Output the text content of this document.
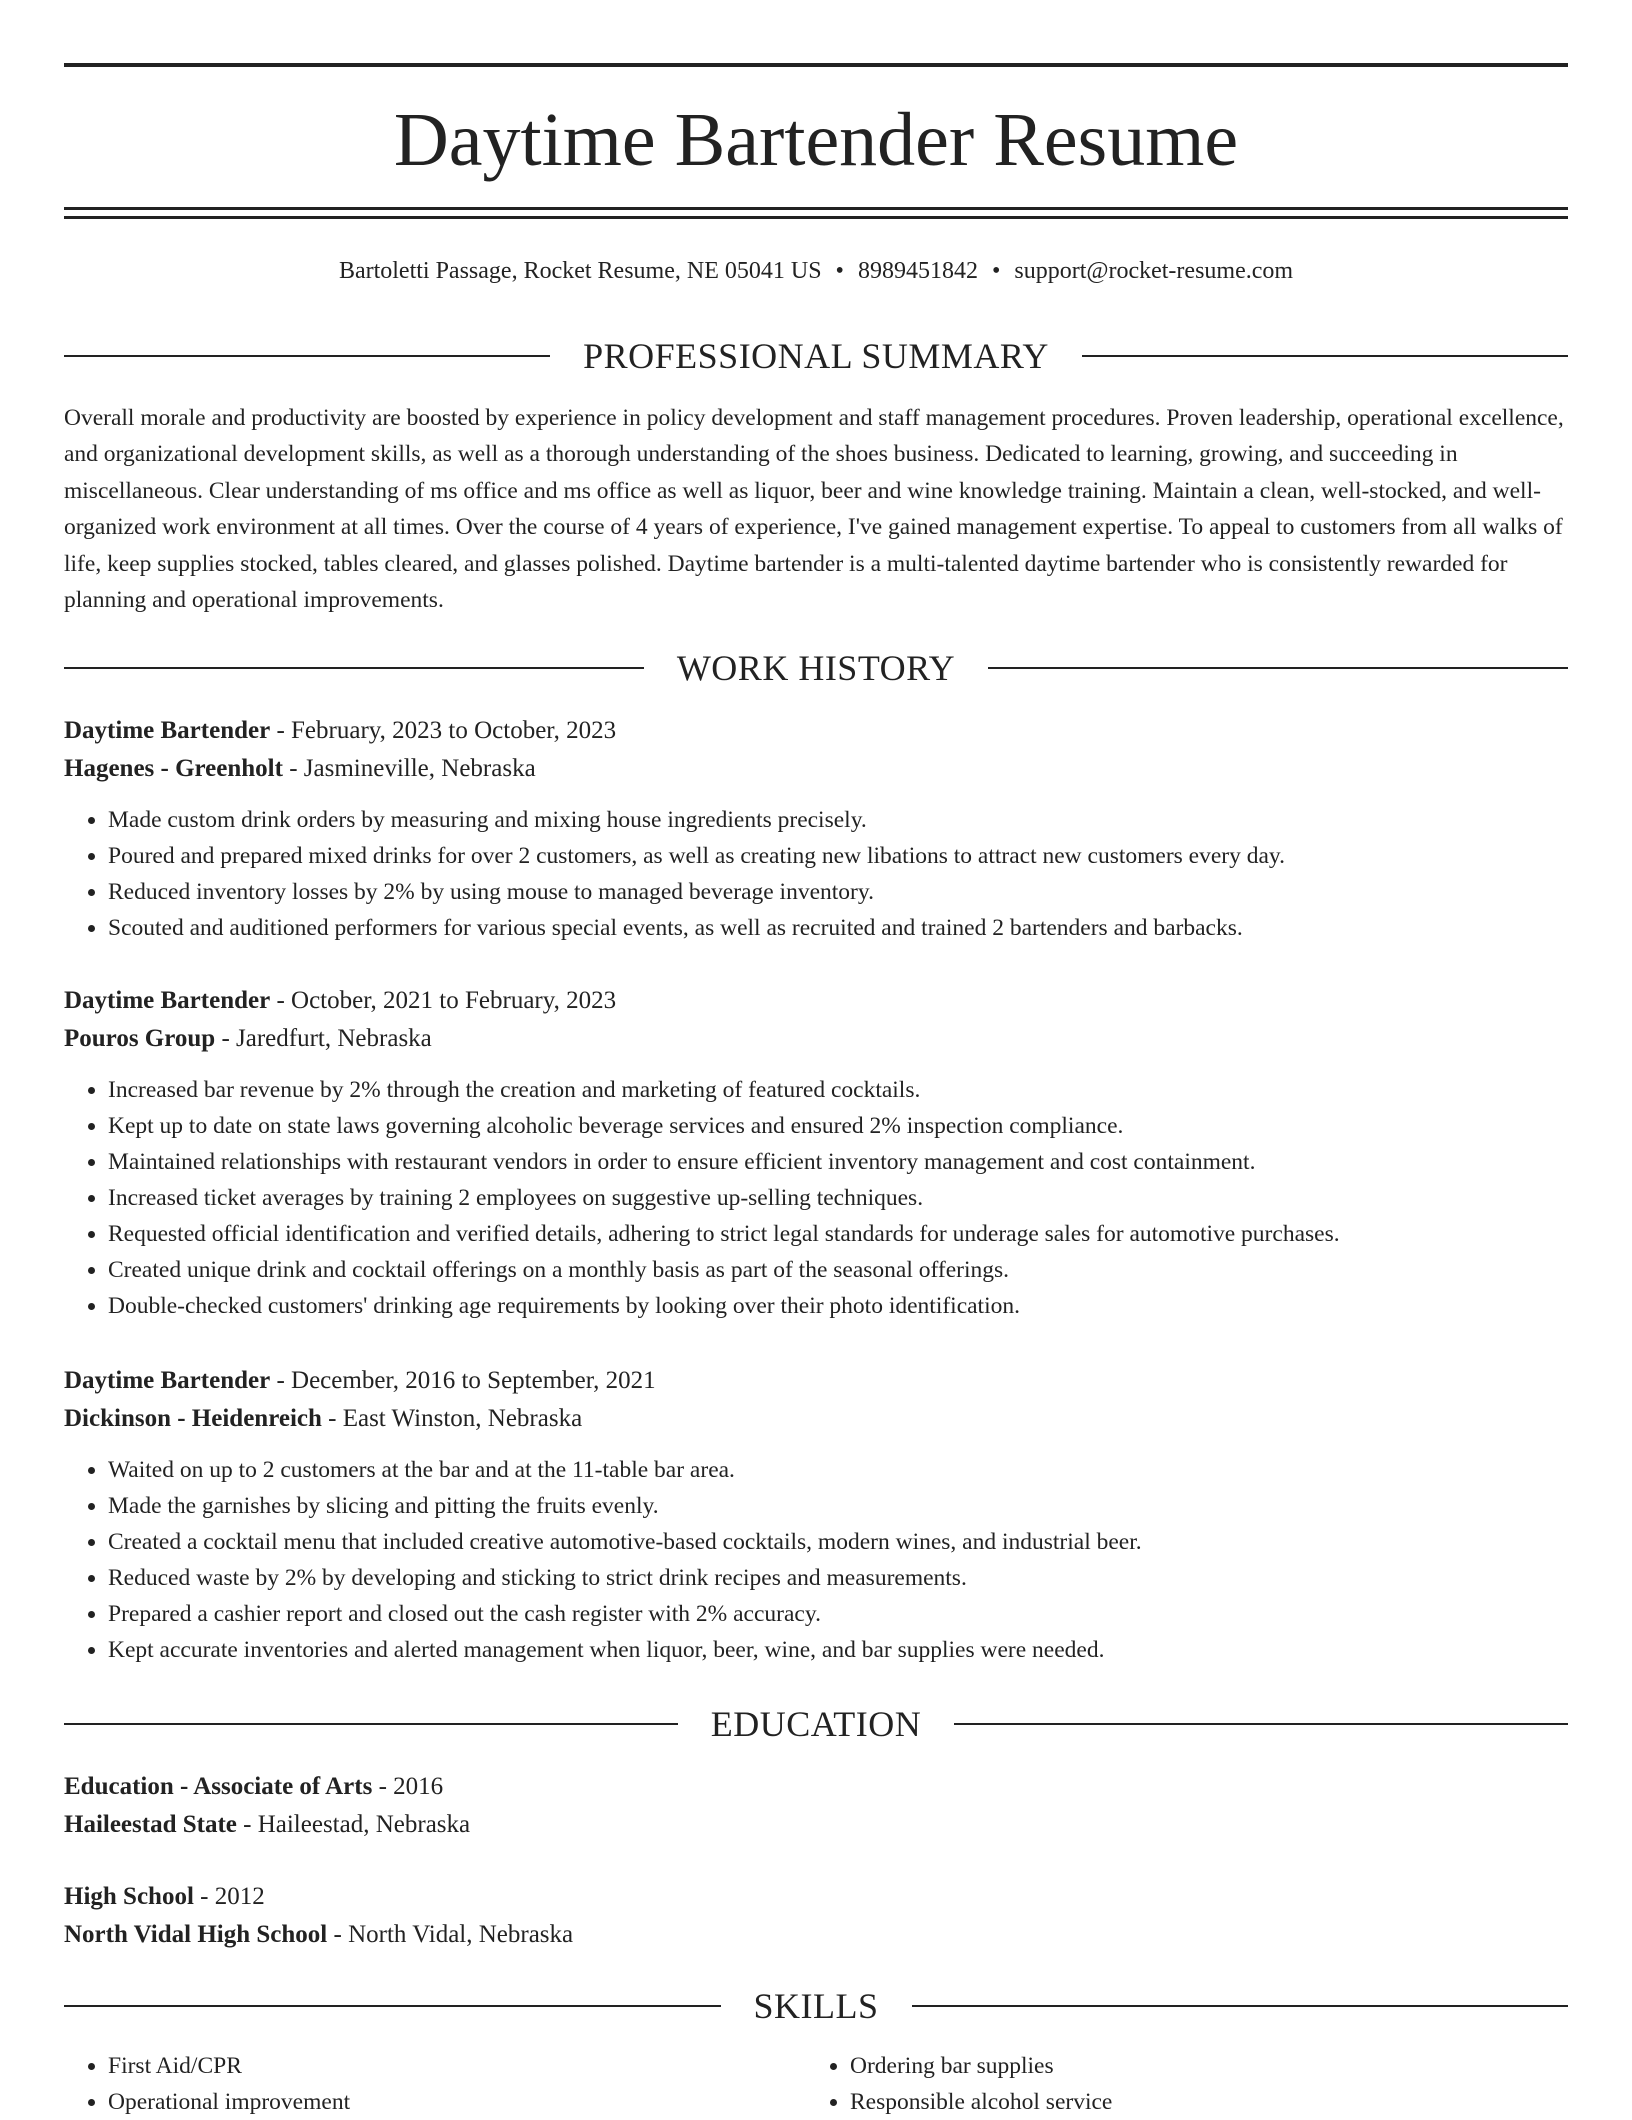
Daytime Bartender Resume
Bartoletti Passage, Rocket Resume, NE 05041 US • 8989451842 • support@rocket-resume.com
PROFESSIONAL SUMMARY

Overall morale and productivity are boosted by experience in policy development and staff management procedures. Proven leadership, operational excellence, and organizational development skills, as well as a thorough understanding of the shoes business. Dedicated to learning, growing, and succeeding in miscellaneous. Clear understanding of ms office and ms office as well as liquor, beer and wine knowledge training. Maintain a clean, well-stocked, and well-organized work environment at all times. Over the course of 4 years of experience, I've gained management expertise. To appeal to customers from all walks of life, keep supplies stocked, tables cleared, and glasses polished. Daytime bartender is a multi-talented daytime bartender who is consistently rewarded for planning and operational improvements.

WORK HISTORY
Daytime Bartender - February, 2023 to October, 2023
Hagenes - Greenholt - Jasmineville, Nebraska
• Made custom drink orders by measuring and mixing house ingredients precisely.
• Poured and prepared mixed drinks for over 2 customers, as well as creating new libations to attract new customers every day.
• Reduced inventory losses by 2% by using mouse to managed beverage inventory.
• Scouted and auditioned performers for various special events, as well as recruited and trained 2 bartenders and barbacks.
Daytime Bartender - October, 2021 to February, 2023
Pouros Group - Jaredfurt, Nebraska
• Increased bar revenue by 2% through the creation and marketing of featured cocktails.
• Kept up to date on state laws governing alcoholic beverage services and ensured 2% inspection compliance.
• Maintained relationships with restaurant vendors in order to ensure efficient inventory management and cost containment.
• Increased ticket averages by training 2 employees on suggestive up-selling techniques.
• Requested official identification and verified details, adhering to strict legal standards for underage sales for automotive purchases.
• Created unique drink and cocktail offerings on a monthly basis as part of the seasonal offerings.
• Double-checked customers' drinking age requirements by looking over their photo identification.
Daytime Bartender - December, 2016 to September, 2021
Dickinson - Heidenreich - East Winston, Nebraska
• Waited on up to 2 customers at the bar and at the 11-table bar area.
• Made the garnishes by slicing and pitting the fruits evenly.
• Created a cocktail menu that included creative automotive-based cocktails, modern wines, and industrial beer.
• Reduced waste by 2% by developing and sticking to strict drink recipes and measurements.
• Prepared a cashier report and closed out the cash register with 2% accuracy.
• Kept accurate inventories and alerted management when liquor, beer, wine, and bar supplies were needed.
EDUCATION
Education - Associate of Arts - 2016
Haileestad State - Haileestad, Nebraska
High School - 2012
North Vidal High School - North Vidal, Nebraska
SKILLS
• First Aid/CPR
• Operational improvement
• Ordering bar supplies
• Responsible alcohol service
